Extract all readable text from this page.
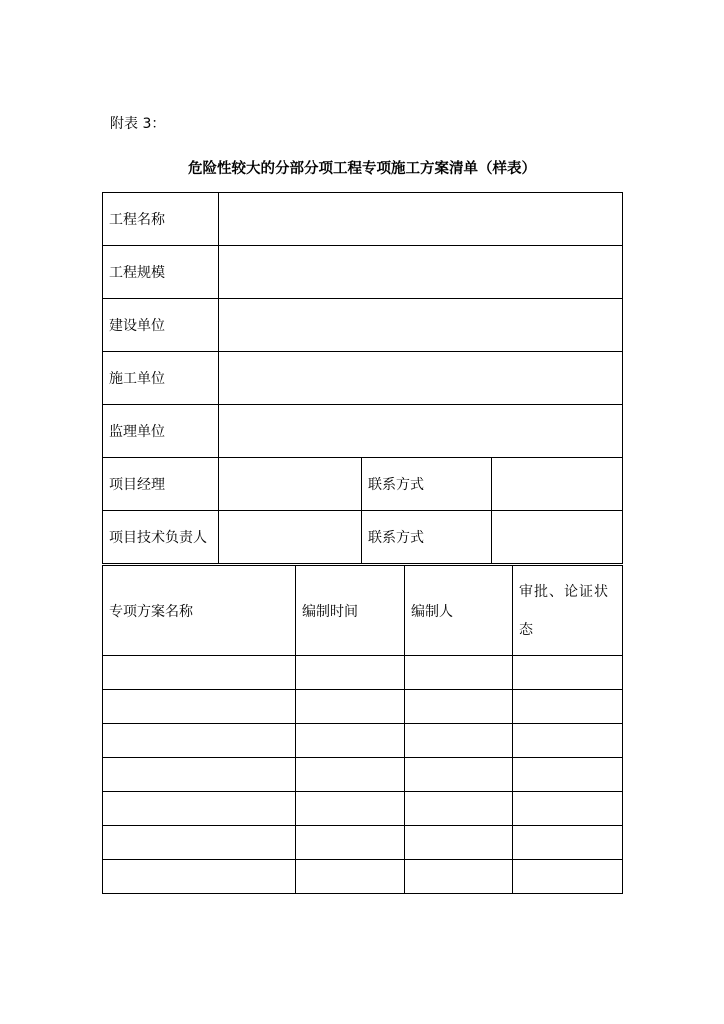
附表 3：
危险性较大的分部分项工程专项施工方案清单（样表）
工程名称			
工程规模			
建设单位			
施工单位			
监理单位			
项目经理		联系方式	
项目技术负责人		联系方式	
专项方案名称	编制时间	编制人	审批、论证状态
